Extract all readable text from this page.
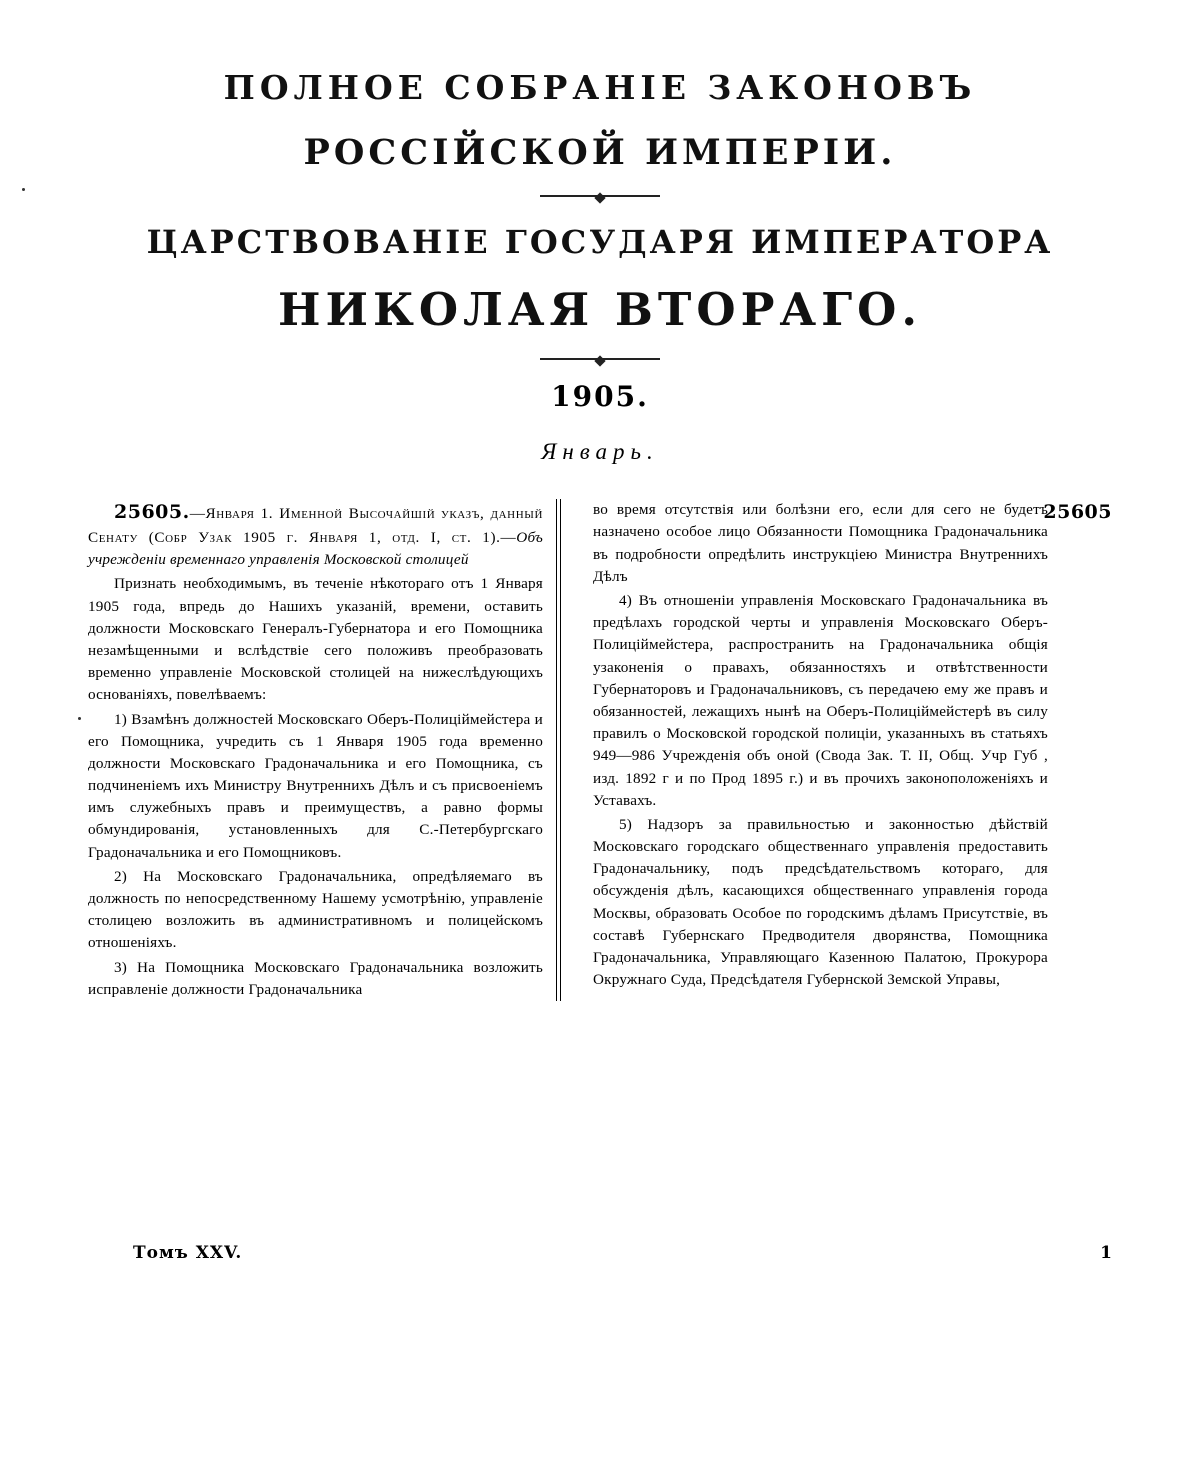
ПОЛНОЕ СОБРАНІЕ ЗАКОНОВЪ
РОССІЙСКОЙ ИМПЕРІИ.
ЦАРСТВОВАНІЕ ГОСУДАРЯ ИМПЕРАТОРА
НИКОЛАЯ ВТОРАГО.
1905.
Январь.

25605.—Января 1. Именной Высочайшій указъ, данный Сенату (Собр Узак 1905 г. Января 1, отд. I, ст. 1).—Объ учрежденіи временнаго управленія Московской столицей

Признать необходимымъ, въ теченіе нѣкотораго отъ 1 Января 1905 года, впредь до Нашихъ указаній, времени, оставить должности Московскаго Генералъ-Губернатора и его Помощника незамѣщенными и вслѣдствіе сего положивъ преобразовать временно управленіе Московской столицей на нижеслѣдующихъ основаніяхъ, повелѣваемъ:

1) Взамѣнъ должностей Московскаго Оберъ-Полиціймейстера и его Помощника, учредить съ 1 Января 1905 года временно должности Московскаго Градоначальника и его Помощника, съ подчиненіемъ ихъ Министру Внутреннихъ Дѣлъ и съ присвоеніемъ имъ служебныхъ правъ и преимуществъ, а равно формы обмундированія, установленныхъ для С.-Петербургскаго Градоначальника и его Помощниковъ.

2) На Московскаго Градоначальника, опредѣляемаго въ должность по непосредственному Нашему усмотрѣнію, управленіе столицею возложить въ административномъ и полицейскомъ отношеніяхъ.

3) На Помощника Московскаго Градоначальника возложить исправленіе должности Градоначальника

25605

во время отсутствія или болѣзни его, если для сего не будетъ назначено особое лицо Обязанности Помощника Градоначальника въ подробности опредѣлить инструкціею Министра Внутреннихъ Дѣлъ

4) Въ отношеніи управленія Московскаго Градоначальника въ предѣлахъ городской черты и управленія Московскаго Оберъ-Полиціймейстера, распространить на Градоначальника общія узаконенія о правахъ, обязанностяхъ и отвѣтственности Губернаторовъ и Градоначальниковъ, съ передачею ему же правъ и обязанностей, лежащихъ нынѣ на Оберъ-Полиціймейстерѣ въ силу правилъ о Московской городской полиціи, указанныхъ въ статьяхъ 949—986 Учрежденія объ оной (Свода Зак. Т. II, Общ. Учр Губ , изд. 1892 г и по Прод 1895 г.) и въ прочихъ законоположеніяхъ и Уставахъ.

5) Надзоръ за правильностью и законностью дѣйствій Московскаго городскаго общественнаго управленія предоставить Градоначальнику, подъ предсѣдательствомъ котораго, для обсужденія дѣлъ, касающихся общественнаго управленія города Москвы, образовать Особое по городскимъ дѣламъ Присутствіе, въ составѣ Губернскаго Предводителя дворянства, Помощника Градоначальника, Управляющаго Казенною Палатою, Прокурора Окружнаго Суда, Предсѣдателя Губернской Земской Управы,

Томъ XXV.	1
